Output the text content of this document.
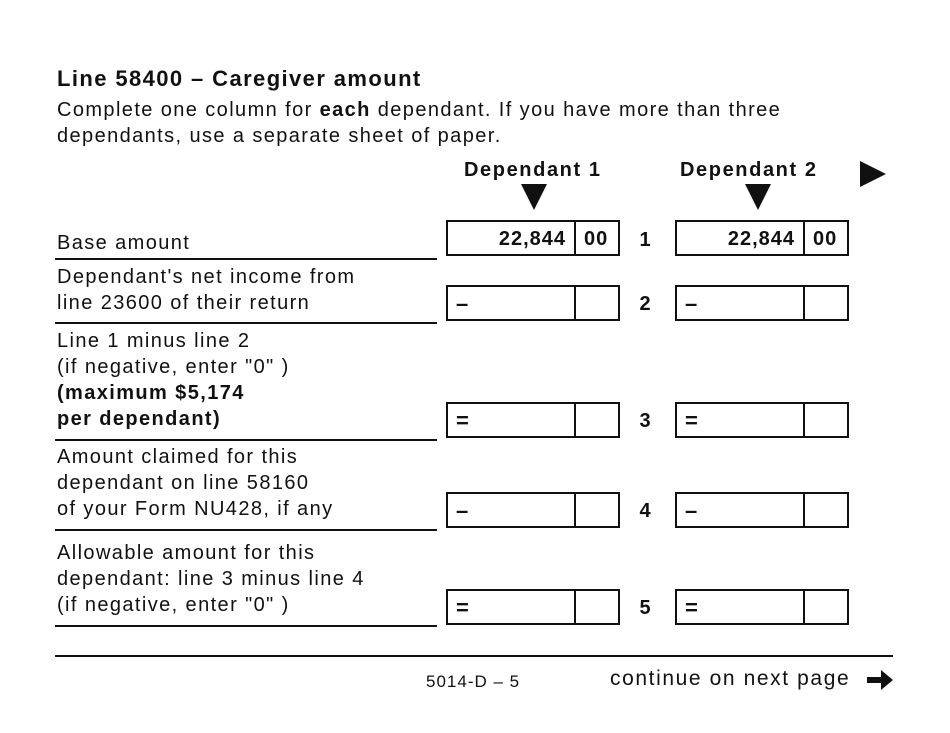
Line 58400 – Caregiver amount
Complete one column for each dependant. If you have more than three
dependants, use a separate sheet of paper.
Dependant 1	Dependant 2
Base amount	22,844 00 1	22,844 00
Dependant's net income from
line 23600 of their return	–	2 –
Line 1 minus line 2
(if negative, enter "0" )
(maximum $5,174
per dependant)	=	3 =
Amount claimed for this
dependant on line 58160
of your Form NU428, if any	–	4 –
Allowable amount for this
dependant: line 3 minus line 4
(if negative, enter "0" )	=	5 =
5014-D – 5	continue on next page
